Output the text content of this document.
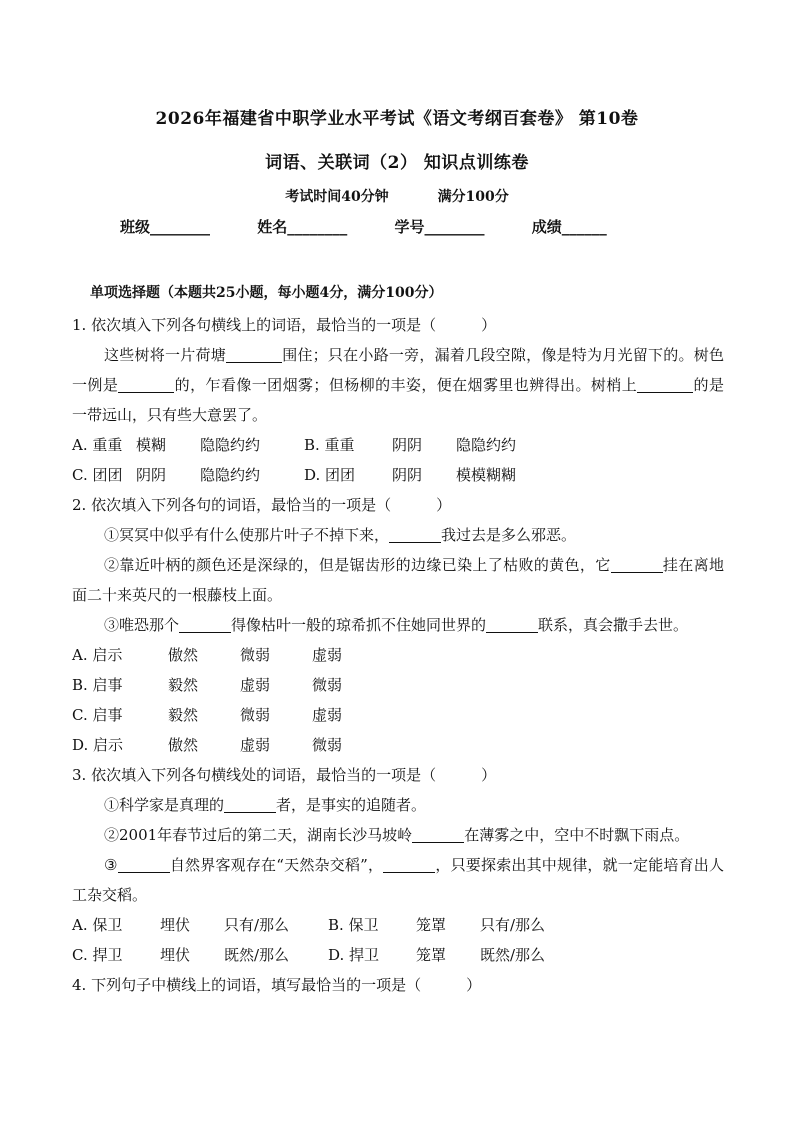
2026年福建省中职学业水平考试《语文考纲百套卷》 第10卷
词语、关联词（2） 知识点训练卷
考试时间40分钟	满分100分
班级________	姓名________	学号________	成绩______
单项选择题（本题共25小题，每小题4分，满分100分）
1. 依次填入下列各句横线上的词语，最恰当的一项是（　　　）
这些树将一片荷塘	围住；只在小路一旁，漏着几段空隙，像是特为月光留下的。树色一例是	的，乍看像一团烟雾；但杨柳的丰姿，便在烟雾里也辨得出。树梢上	的是一带远山，只有些大意罢了。
A. 重重 模糊 隐隐约约	B. 重重 阴阴 隐隐约约
C. 团团 阴阴 隐隐约约	D. 团团 阴阴 模模糊糊
2. 依次填入下列各句的词语，最恰当的一项是（　　　）
①冥冥中似乎有什么使那片叶子不掉下来，	我过去是多么邪恶。
②靠近叶柄的颜色还是深绿的，但是锯齿形的边缘已染上了枯败的黄色，它	挂在离地面二十来英尺的一根藤枝上面。
③唯恐那个	得像枯叶一般的琼希抓不住她同世界的	联系，真会撒手去世。
A. 启示	傲然	微弱	虚弱
B. 启事	毅然	虚弱	微弱
C. 启事	毅然	微弱	虚弱
D. 启示	傲然	虚弱	微弱
3. 依次填入下列各句横线处的词语，最恰当的一项是（　　　）
①科学家是真理的	者，是事实的追随者。
②2001年春节过后的第二天，湖南长沙马坡岭	在薄雾之中，空中不时飘下雨点。
③	自然界客观存在“天然杂交稻”，	，只要探索出其中规律，就一定能培育出人工杂交稻。
A. 保卫	埋伏 只有/那么	B. 保卫 笼罩 只有/那么
C. 捍卫	埋伏 既然/那么	D. 捍卫 笼罩 既然/那么
4. 下列句子中横线上的词语，填写最恰当的一项是（　　　）
